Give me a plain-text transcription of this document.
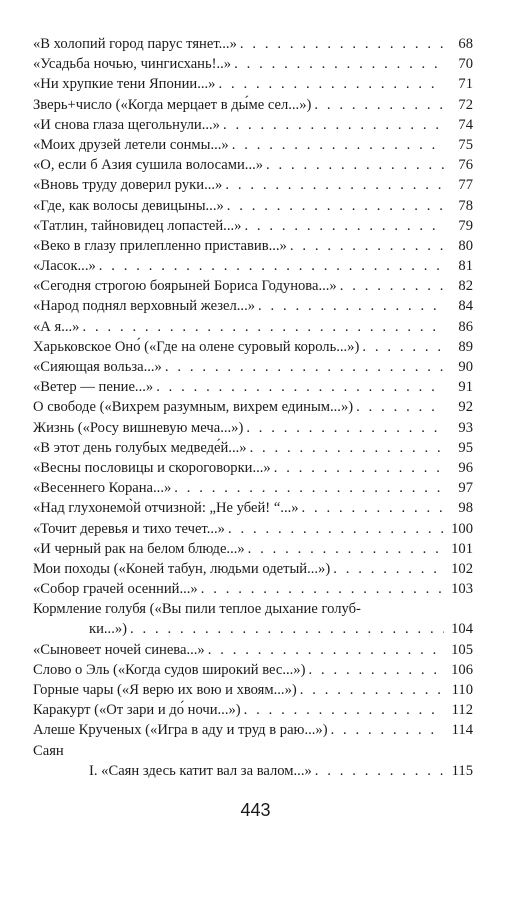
«В холопий город парус тянет...» . . .	68
«Усадьба ночью, чингисхань!..» . . .	70
«Ни хрупкие тени Японии...» . . .	71
Зверь+число («Когда мерцает в ды́ме сел...») . . .	72
«И снова глаза щегольнули...» . . .	74
«Моих друзей летели сонмы...» . . .	75
«О, если б Азия сушила волосами...» . . .	76
«Вновь труду доверил руки...» . . .	77
«Где, как волосы девицыны...» . . .	78
«Татлин, тайновидец лопастей...» . . .	79
«Веко в глазу прилепленно приставив...» . . .	80
«Ласок...» . . .	81
«Сегодня строгою боярыней Бориса Годунова...» . . .	82
«Народ поднял верховный жезел...» . . .	84
«А я...» . . .	86
Харьковское Оно́ («Где на олене суровый король...») . . .	89
«Сияющая вольза...» . . .	90
«Ветер — пение...» . . .	91
О свободе («Вихрем разумным, вихрем единым...») . . .	92
Жизнь («Росу вишневую меча...») . . .	93
«В этот день голубых медведе́й...» . . .	95
«Весны пословицы и скороговорки...» . . .	96
«Весеннего Корана...» . . .	97
«Над глухонемо̀й отчизной: „Не убей! “...» . . .	98
«Точит деревья и тихо течет...» . . .	100
«И черный рак на белом блюде...» . . .	101
Мои походы («Коней табун, людьми одетый...») . . .	102
«Собор грачей осенний...» . . .	103
Кормление голубя («Вы пили теплое дыхание голуб-
ки...») . . .	104
«Сыновеет ночей синева...» . . .	105
Слово о Эль («Когда судов широкий вес...») . . .	106
Горные чары («Я верю их вою и хвоям...») . . .	110
Каракурт («От зари и до́ ночи...») . . .	112
Алеше Крученых («Игра в аду и труд в раю...») . . .	114
Саян
I. «Саян здесь катит вал за валом...» . . .	115
443
